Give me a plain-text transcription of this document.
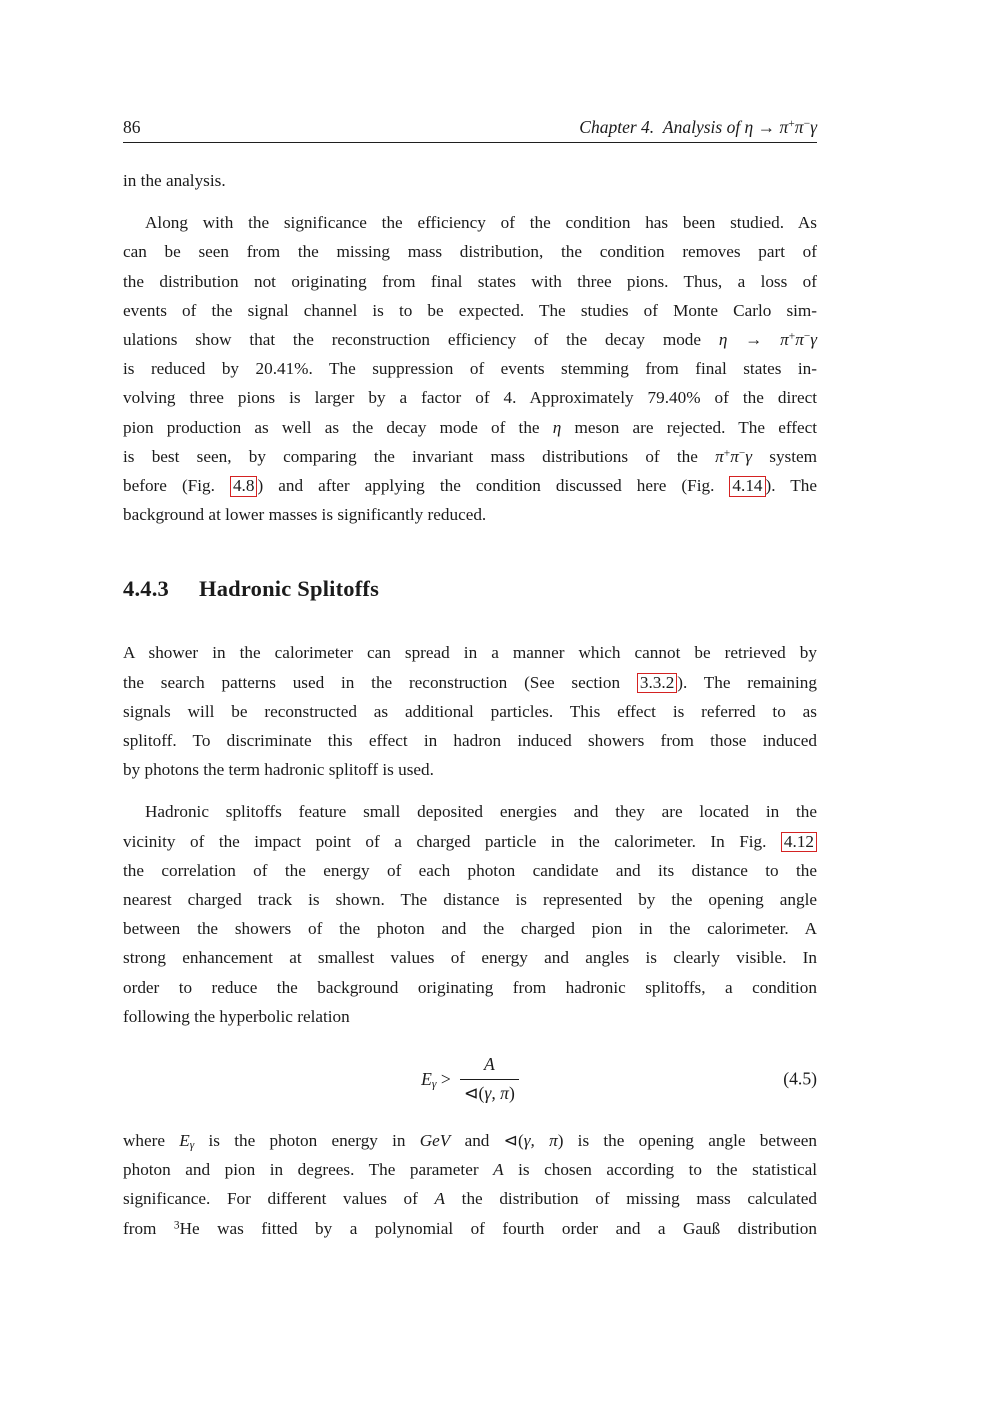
86	Chapter 4.  Analysis of η → π+π−γ
in the analysis.
Along with the significance the efficiency of the condition has been studied. As
can be seen from the missing mass distribution, the condition removes part of
the distribution not originating from final states with three pions. Thus, a loss of
events of the signal channel is to be expected. The studies of Monte Carlo sim-
ulations show that the reconstruction efficiency of the decay mode η → π+π−γ
is reduced by 20.41%. The suppression of events stemming from final states in-
volving three pions is larger by a factor of 4. Approximately 79.40% of the direct
pion production as well as the decay mode of the η meson are rejected. The effect
is best seen, by comparing the invariant mass distributions of the π+π−γ system
before (Fig. 4.8 ) and after applying the condition discussed here (Fig. 4.14 ). The
background at lower masses is significantly reduced.
4.4.3 Hadronic Splitoffs
A shower in the calorimeter can spread in a manner which cannot be retrieved by
the search patterns used in the reconstruction (See section 3.3.2 ). The remaining
signals will be reconstructed as additional particles. This effect is referred to as
splitoff. To discriminate this effect in hadron induced showers from those induced
by photons the term hadronic splitoff is used.
Hadronic splitoffs feature small deposited energies and they are located in the
vicinity of the impact point of a charged particle in the calorimeter. In Fig. 4.12
the correlation of the energy of each photon candidate and its distance to the
nearest charged track is shown. The distance is represented by the opening angle
between the showers of the photon and the charged pion in the calorimeter. A
strong enhancement at smallest values of energy and angles is clearly visible. In
order to reduce the background originating from hadronic splitoffs, a condition
following the hyperbolic relation
$E_\gamma > \frac{A}{⊲(\gamma, \pi)}$	(4.5)
where $E_\gamma$ is the photon energy in GeV and ⊲(γ, π) is the opening angle between
photon and pion in degrees. The parameter A is chosen according to the statistical
significance. For different values of A the distribution of missing mass calculated
from $^3$He was fitted by a polynomial of fourth order and a Gauß distribution
